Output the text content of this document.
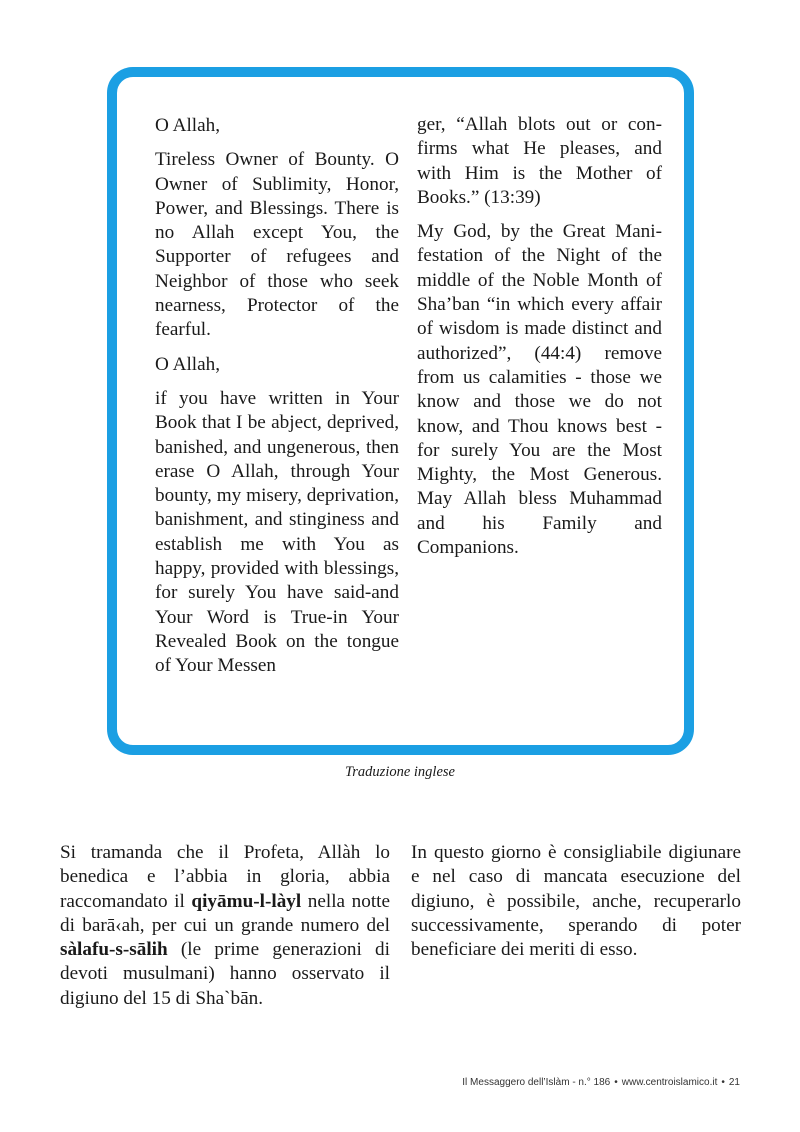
O Allah,

Tireless Owner of Bounty. O Owner of Sublimity, Honor, Power, and Blessings. There is no Allah except You, the Supporter of refugees and Neighbor of those who seek nearness, Protector of the fearful.

O Allah,

if you have written in Your Book that I be abject, deprived, banished, and ungenerous, then erase O Allah, through Your bounty, my misery, deprivation, banishment, and stinginess and establish me with You as happy, provided with blessings, for surely You have said-and Your Word is True-in Your Revealed Book on the tongue of Your Messen

ger, “Allah blots out or confirms what He pleases, and with Him is the Mother of Books.” (13:39)

My God, by the Great Manifestation of the Night of the middle of the Noble Month of Sha’ban “in which every affair of wisdom is made distinct and authorized”, (44:4) remove from us calamities - those we know and those we do not know, and Thou knows best - for surely You are the Most Mighty, the Most Generous. May Allah bless Muhammad and his Family and Companions.

Traduzione inglese

Si tramanda che il Profeta, Allàh lo benedica e l’abbia in gloria, abbia raccomandato il qiyāmu-l-làyl nella notte di barā‹ah, per cui un grande numero del sàlafu-s-sālih (le prime generazioni di devoti musulmani) hanno osservato il digiuno del 15 di Sha`bān.

In questo giorno è consigliabile digiunare e nel caso di mancata esecuzione del digiuno, è possibile, anche, recuperarlo successivamente, sperando di poter beneficiare dei meriti di esso.

Il Messaggero dell’Islàm - n.° 186 • www.centroislamico.it • 21
